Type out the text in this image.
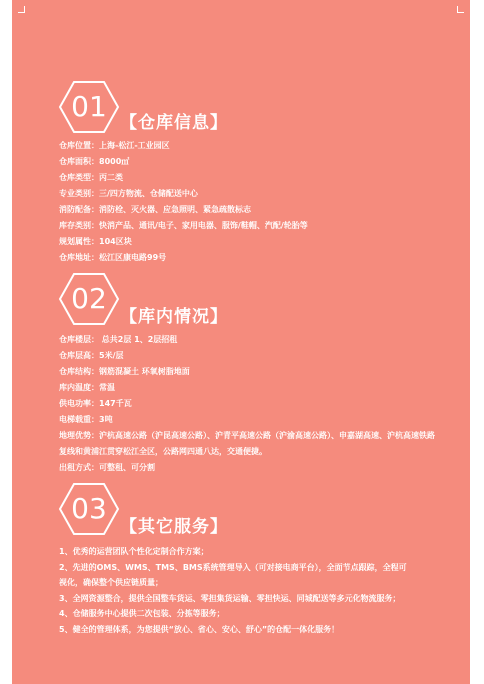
01 【仓库信息】
仓库位置：上海-松江-工业园区
仓库面积：8000㎡
仓库类型：丙二类
专业类别：三/四方物流、仓储配送中心
消防配备：消防栓、灭火器、应急照明、紧急疏散标志
库存类别：快消产品、通讯/电子、家用电器、服饰/鞋帽、汽配/轮胎等
规划属性：104区块
仓库地址：松江区康电路99号
02
【库内情况】
仓库楼层： 总共2层 1、2层招租
仓库层高：5米/层
仓库结构：钢筋混凝土 环氧树脂地面
库内温度：常温
供电功率：147千瓦
电梯载重：3吨
地理优势：沪杭高速公路（沪昆高速公路）、沪青平高速公路（沪渝高速公路）、申嘉湖高速、沪杭高速铁路复线和黄浦江贯穿松江全区，公路网四通八达，交通便捷。
出租方式：可整租、可分割
03
【其它服务】
1、优秀的运营团队个性化定制合作方案；
2、先进的OMS、WMS、TMS、BMS系统管理导入（可对接电商平台），全面节点跟踪，全程可视化，确保整个供应链质量；
3、全网资源整合，提供全国整车货运、零担集货运输、零担快运、同城配送等多元化物流服务；
4、仓储服务中心提供二次包装、分拣等服务；
5、健全的管理体系，为您提供“放心、省心、安心、舒心”的仓配一体化服务！
